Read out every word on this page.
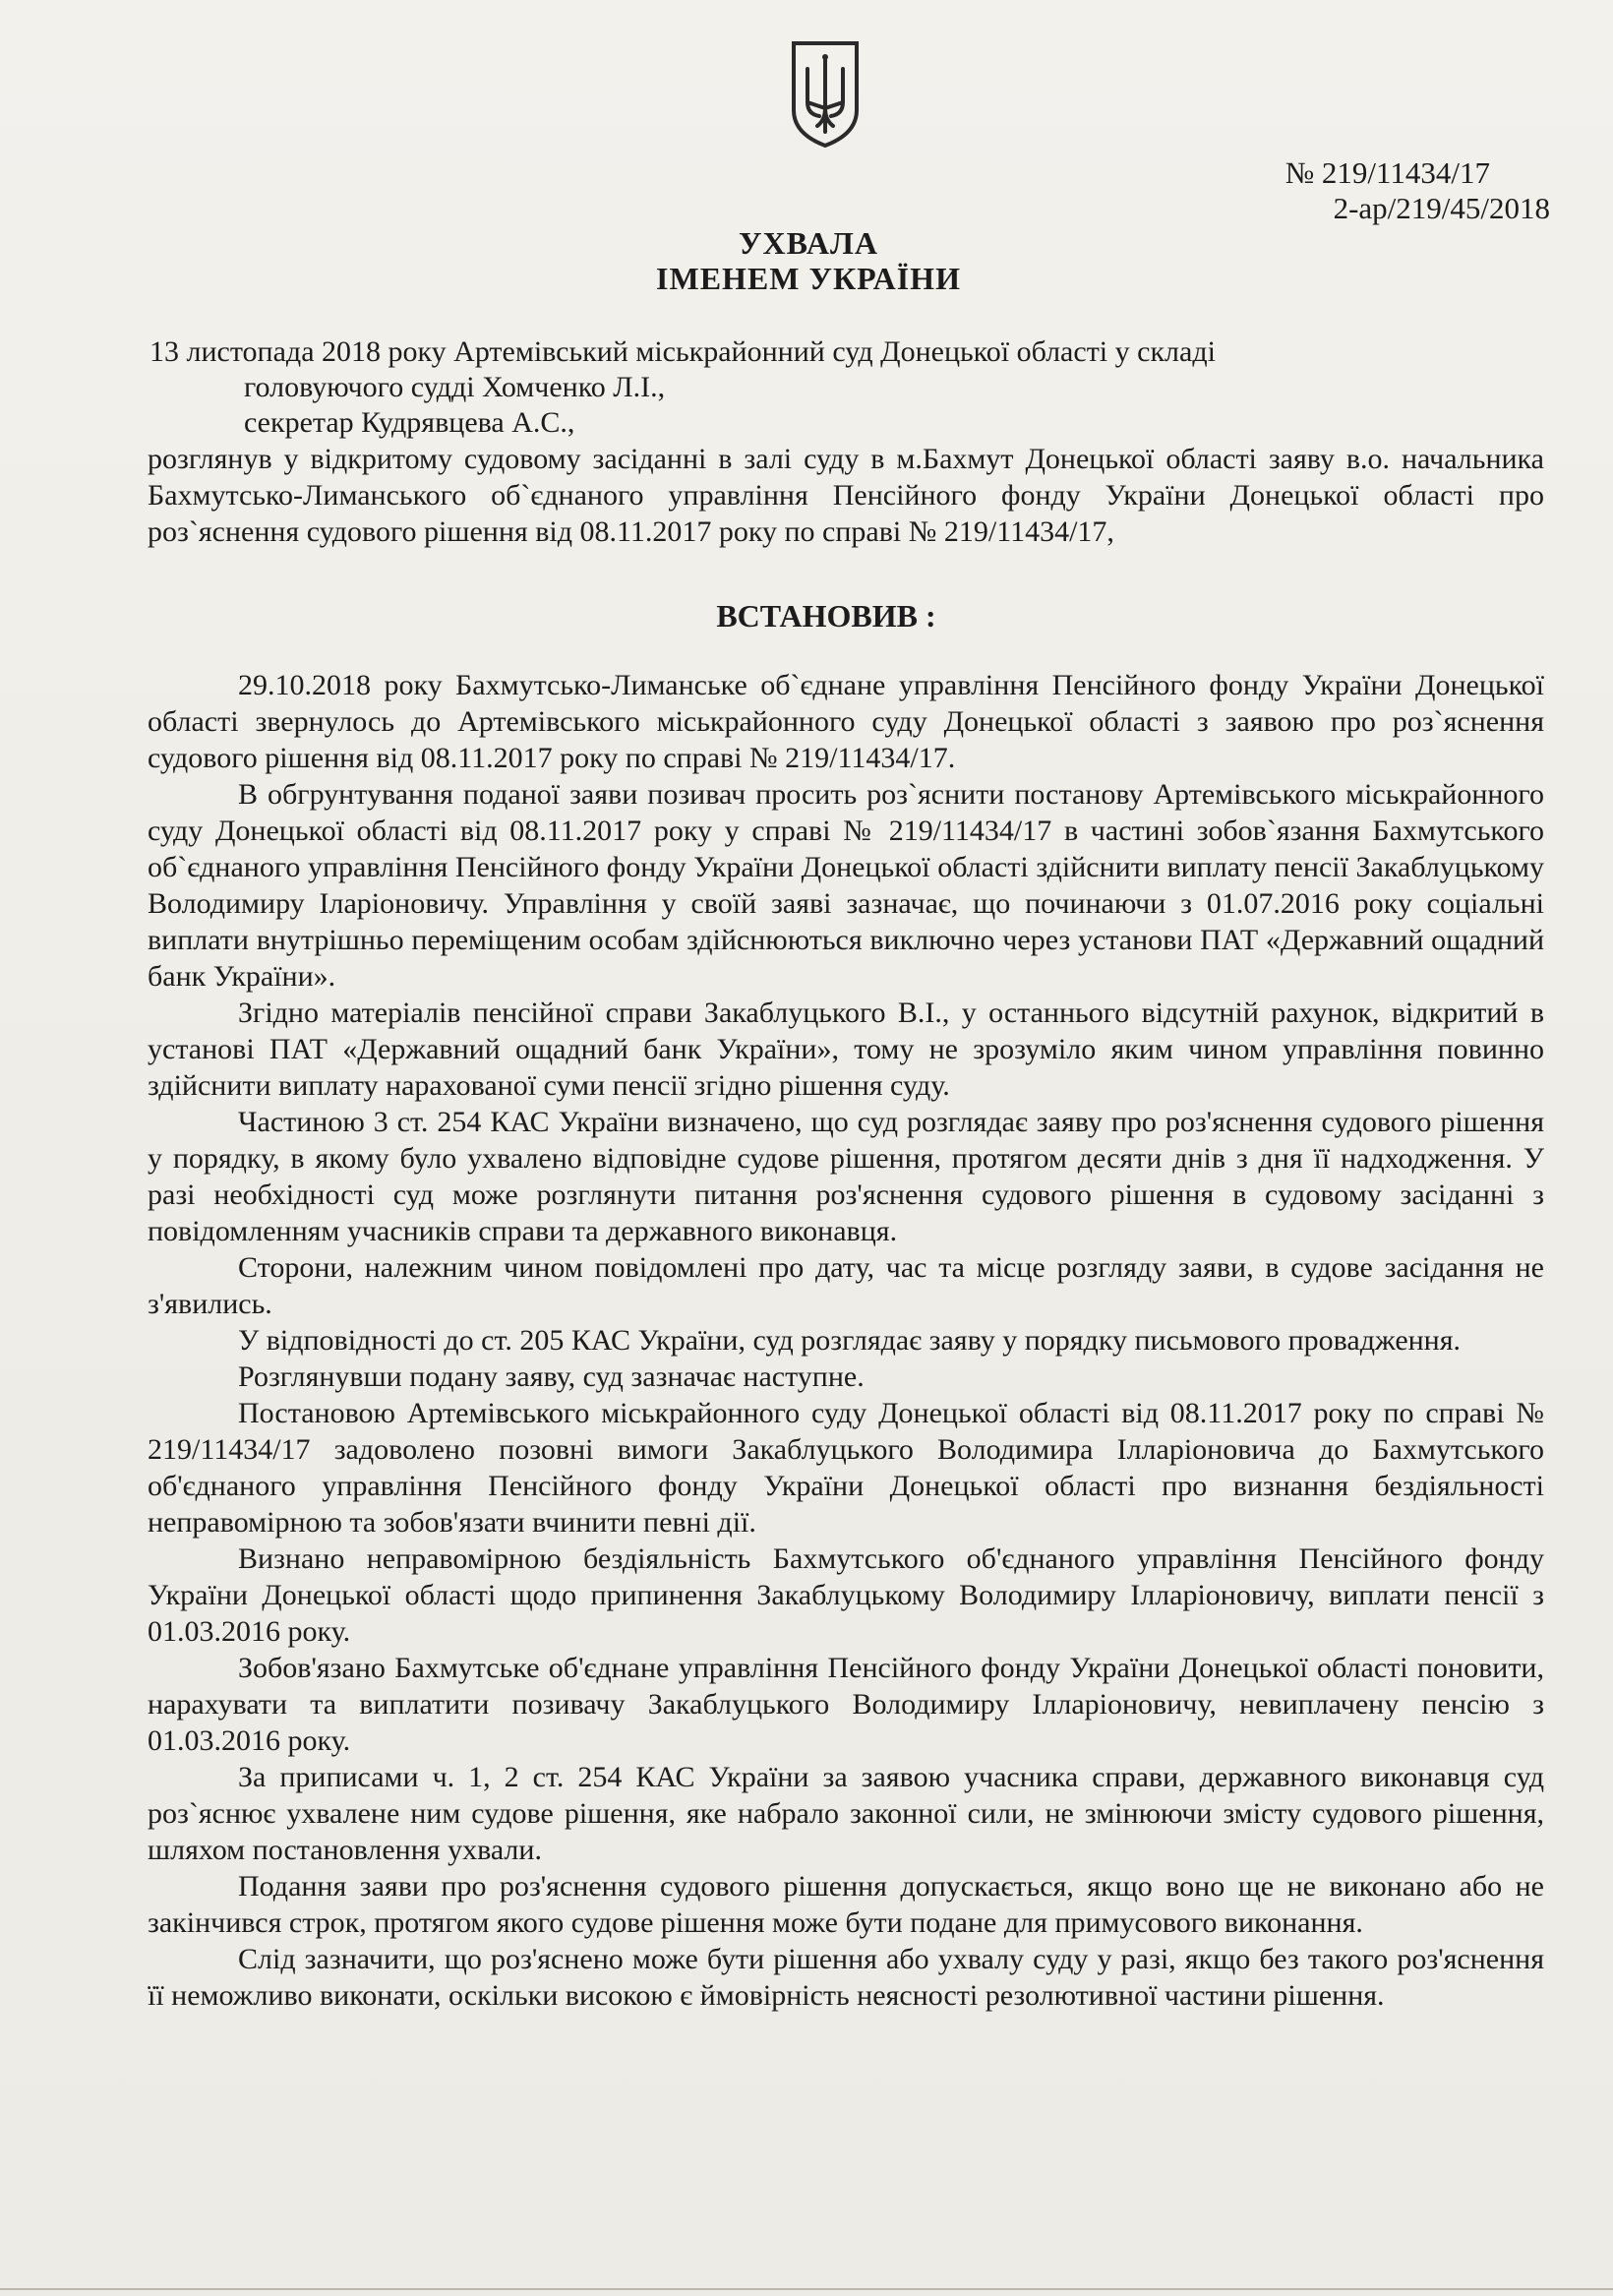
№ 219/11434/17
2-ар/219/45/2018
УХВАЛА
ІМЕНЕМ УКРАЇНИ
13 листопада 2018 року Артемівський міськрайонний суд Донецької області у складі
головуючого судді Хомченко Л.І.,
секретар Кудрявцева А.С.,

розглянув у відкритому судовому засіданні в залі суду в м.Бахмут Донецької області заяву в.о. начальника Бахмутсько-Лиманського об`єднаного управління Пенсійного фонду України Донецької області про роз`яснення судового рішення від 08.11.2017 року по справі № 219/11434/17,

ВСТАНОВИВ :

29.10.2018 року Бахмутсько-Лиманське об`єднане управління Пенсійного фонду України Донецької області звернулось до Артемівського міськрайонного суду Донецької області з заявою про роз`яснення судового рішення від 08.11.2017 року по справі № 219/11434/17.

В обгрунтування поданої заяви позивач просить роз`яснити постанову Артемівського міськрайонного суду Донецької області від 08.11.2017 року у справі № 219/11434/17 в частині зобов`язання Бахмутського об`єднаного управління Пенсійного фонду України Донецької області здійснити виплату пенсії Закаблуцькому Володимиру Іларіоновичу. Управління у своїй заяві зазначає, що починаючи з 01.07.2016 року соціальні виплати внутрішньо переміщеним особам здійснюються виключно через установи ПАТ «Державний ощадний банк України».

Згідно матеріалів пенсійної справи Закаблуцького В.І., у останнього відсутній рахунок, відкритий в установі ПАТ «Державний ощадний банк України», тому не зрозуміло яким чином управління повинно здійснити виплату нарахованої суми пенсії згідно рішення суду.

Частиною 3 ст. 254 КАС України визначено, що суд розглядає заяву про роз'яснення судового рішення у порядку, в якому було ухвалено відповідне судове рішення, протягом десяти днів з дня її надходження. У разі необхідності суд може розглянути питання роз'яснення судового рішення в судовому засіданні з повідомленням учасників справи та державного виконавця.

Сторони, належним чином повідомлені про дату, час та місце розгляду заяви, в судове засідання не з'явились.

У відповідності до ст. 205 КАС України, суд розглядає заяву у порядку письмового провадження.

Розглянувши подану заяву, суд зазначає наступне.

Постановою Артемівського міськрайонного суду Донецької області від 08.11.2017 року по справі № 219/11434/17 задоволено позовні вимоги Закаблуцького Володимира Ілларіоновича до Бахмутського об'єднаного управління Пенсійного фонду України Донецької області про визнання бездіяльності неправомірною та зобов'язати вчинити певні дії.

Визнано неправомірною бездіяльність Бахмутського об'єднаного управління Пенсійного фонду України Донецької області щодо припинення Закаблуцькому Володимиру Ілларіоновичу, виплати пенсії з 01.03.2016 року.

Зобов'язано Бахмутське об'єднане управління Пенсійного фонду України Донецької області поновити, нарахувати та виплатити позивачу Закаблуцького Володимиру Ілларіоновичу, невиплачену пенсію з 01.03.2016 року.

За приписами ч. 1, 2 ст. 254 КАС України за заявою учасника справи, державного виконавця суд роз`яснює ухвалене ним судове рішення, яке набрало законної сили, не змінюючи змісту судового рішення, шляхом постановлення ухвали.

Подання заяви про роз'яснення судового рішення допускається, якщо воно ще не виконано або не закінчився строк, протягом якого судове рішення може бути подане для примусового виконання.

Слід зазначити, що роз'яснено може бути рішення або ухвалу суду у разі, якщо без такого роз'яснення її неможливо виконати, оскільки високою є ймовірність неясності резолютивної частини рішення.
